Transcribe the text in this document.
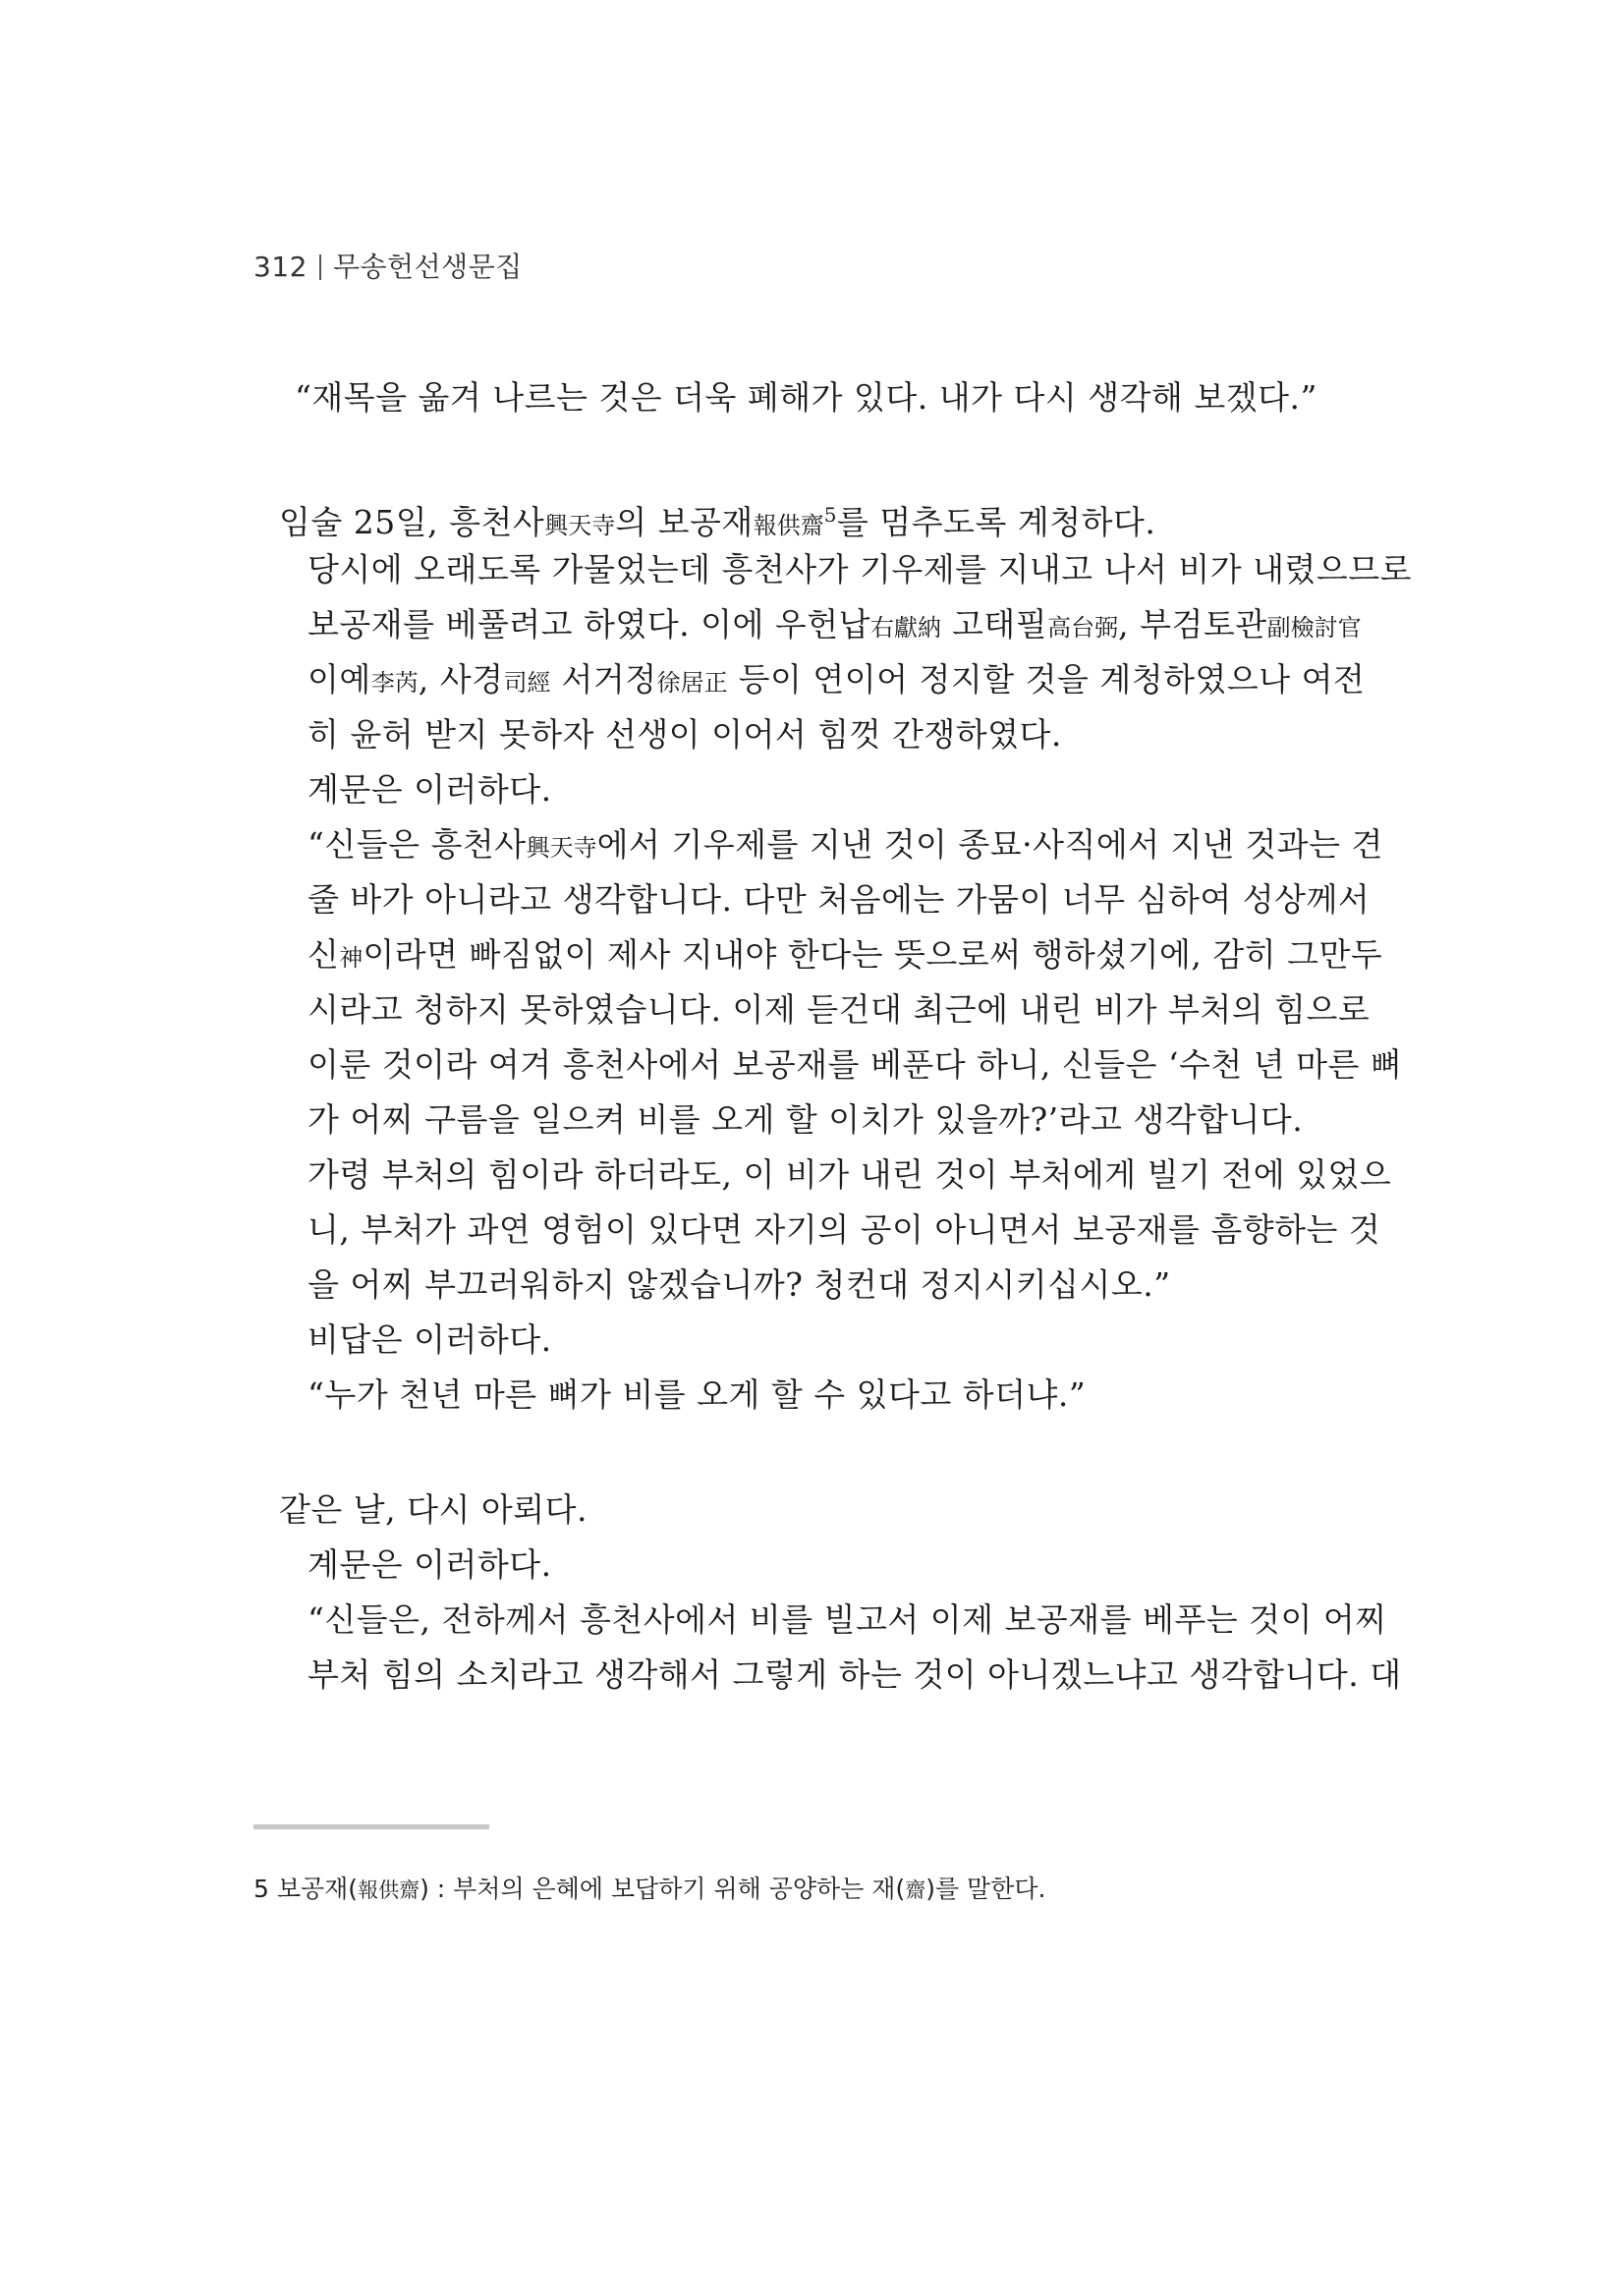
312 무송헌선생문집
“재목을 옮겨 나르는 것은 더욱 폐해가 있다. 내가 다시 생각해 보겠다.”
임술 25일, 흥천사興天寺의 보공재報供齋$^5$를 멈추도록 계청하다.
당시에 오래도록 가물었는데 흥천사가 기우제를 지내고 나서 비가 내렸으므로
보공재를 베풀려고 하였다. 이에 우헌납右獻納 고태필高台弼, 부검토관副檢討官
이예李芮, 사경司經 서거정徐居正 등이 연이어 정지할 것을 계청하였으나 여전
히 윤허 받지 못하자 선생이 이어서 힘껏 간쟁하였다.
계문은 이러하다.
“신들은 흥천사興天寺에서 기우제를 지낸 것이 종묘·사직에서 지낸 것과는 견
줄 바가 아니라고 생각합니다. 다만 처음에는 가뭄이 너무 심하여 성상께서
신神이라면 빠짐없이 제사 지내야 한다는 뜻으로써 행하셨기에, 감히 그만두
시라고 청하지 못하였습니다. 이제 듣건대 최근에 내린 비가 부처의 힘으로
이룬 것이라 여겨 흥천사에서 보공재를 베푼다 하니, 신들은 ‘수천 년 마른 뼈
가 어찌 구름을 일으켜 비를 오게 할 이치가 있을까?’라고 생각합니다.
가령 부처의 힘이라 하더라도, 이 비가 내린 것이 부처에게 빌기 전에 있었으
니, 부처가 과연 영험이 있다면 자기의 공이 아니면서 보공재를 흠향하는 것
을 어찌 부끄러워하지 않겠습니까? 청컨대 정지시키십시오.”
비답은 이러하다.
“누가 천년 마른 뼈가 비를 오게 할 수 있다고 하더냐.”
같은 날, 다시 아뢰다.
계문은 이러하다.
“신들은, 전하께서 흥천사에서 비를 빌고서 이제 보공재를 베푸는 것이 어찌
부처 힘의 소치라고 생각해서 그렇게 하는 것이 아니겠느냐고 생각합니다. 대
5 보공재(報供齋) : 부처의 은혜에 보답하기 위해 공양하는 재(齋)를 말한다.
